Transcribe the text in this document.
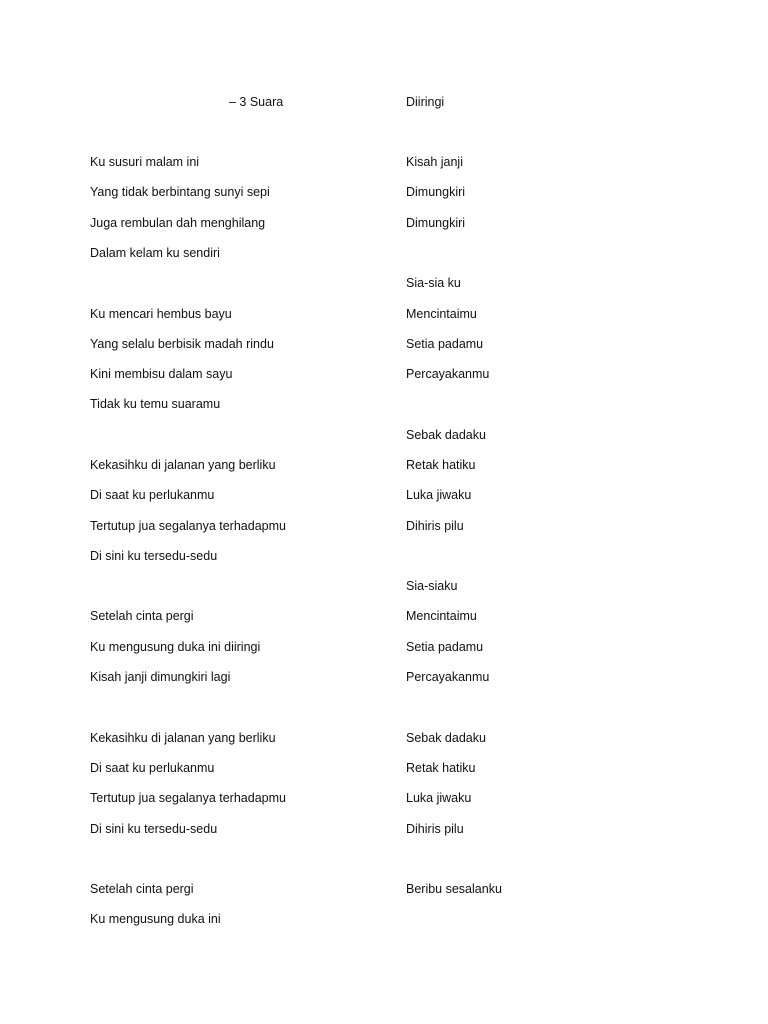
– 3 Suara	Diiringi
Ku susuri malam ini
Yang tidak berbintang sunyi sepi
Juga rembulan dah menghilang
Dalam kelam ku sendiri
Ku mencari hembus bayu
Yang selalu berbisik madah rindu
Kini membisu dalam sayu
Tidak ku temu suaramu
Kekasihku di jalanan yang berliku
Di saat ku perlukanmu
Tertutup jua segalanya terhadapmu
Di sini ku tersedu-sedu
Setelah cinta pergi
Ku mengusung duka ini diiringi
Kisah janji dimungkiri lagi
Kekasihku di jalanan yang berliku
Di saat ku perlukanmu
Tertutup jua segalanya terhadapmu
Di sini ku tersedu-sedu
Setelah cinta pergi
Ku mengusung duka ini
Kisah janji
Dimungkiri
Dimungkiri
Sia-sia ku
Mencintaimu
Setia padamu
Percayakanmu
Sebak dadaku
Retak hatiku
Luka jiwaku
Dihiris pilu
Sia-siaku
Mencintaimu
Setia padamu
Percayakanmu
Sebak dadaku
Retak hatiku
Luka jiwaku
Dihiris pilu
Beribu sesalanku
